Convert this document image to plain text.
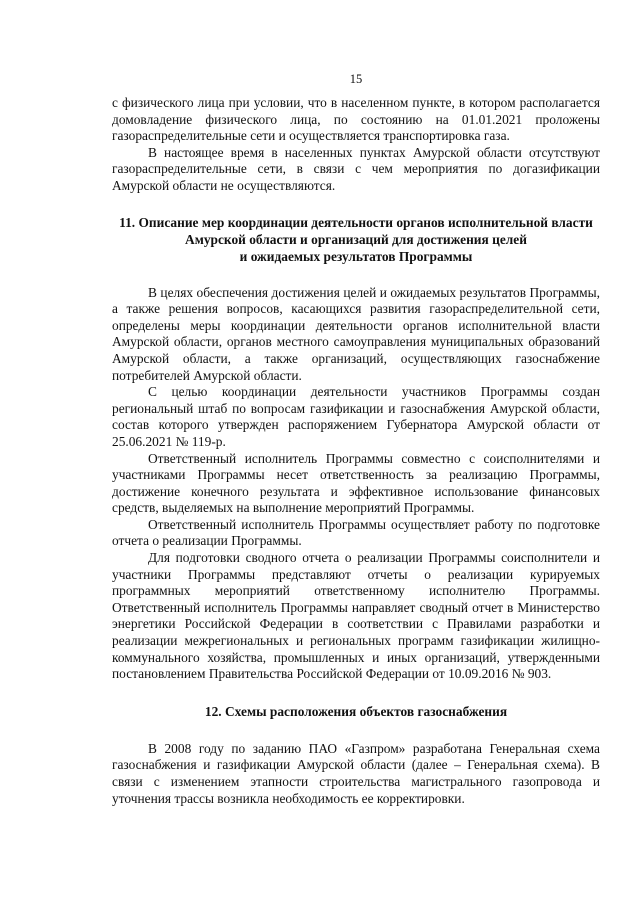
15

с физического лица при условии, что в населенном пункте, в котором располагается домовладение физического лица, по состоянию на 01.01.2021 проложены газораспределительные сети и осуществляется транспортировка газа.

В настоящее время в населенных пунктах Амурской области отсутствуют газораспределительные сети, в связи с чем мероприятия по догазификации Амурской области не осуществляются.

11. Описание мер координации деятельности органов исполнительной власти
Амурской области и организаций для достижения целей
и ожидаемых результатов Программы

В целях обеспечения достижения целей и ожидаемых результатов Программы, а также решения вопросов, касающихся развития газораспределительной сети, определены меры координации деятельности органов исполнительной власти Амурской области, органов местного самоуправления муниципальных образований Амурской области, а также организаций, осуществляющих газоснабжение потребителей Амурской области.

С целью координации деятельности участников Программы создан региональный штаб по вопросам газификации и газоснабжения Амурской области, состав которого утвержден распоряжением Губернатора Амурской области от 25.06.2021 № 119-р.

Ответственный исполнитель Программы совместно с соисполнителями и участниками Программы несет ответственность за реализацию Программы, достижение конечного результата и эффективное использование финансовых средств, выделяемых на выполнение мероприятий Программы.

Ответственный исполнитель Программы осуществляет работу по подготовке отчета о реализации Программы.

Для подготовки сводного отчета о реализации Программы соисполнители и участники Программы представляют отчеты о реализации курируемых программных мероприятий ответственному исполнителю Программы. Ответственный исполнитель Программы направляет сводный отчет в Министерство энергетики Российской Федерации в соответствии с Правилами разработки и реализации межрегиональных и региональных программ газификации жилищно-коммунального хозяйства, промышленных и иных организаций, утвержденными постановлением Правительства Российской Федерации от 10.09.2016 № 903.

12. Схемы расположения объектов газоснабжения

В 2008 году по заданию ПАО «Газпром» разработана Генеральная схема газоснабжения и газификации Амурской области (далее – Генеральная схема). В связи с изменением этапности строительства магистрального газопровода и уточнения трассы возникла необходимость ее корректировки.
